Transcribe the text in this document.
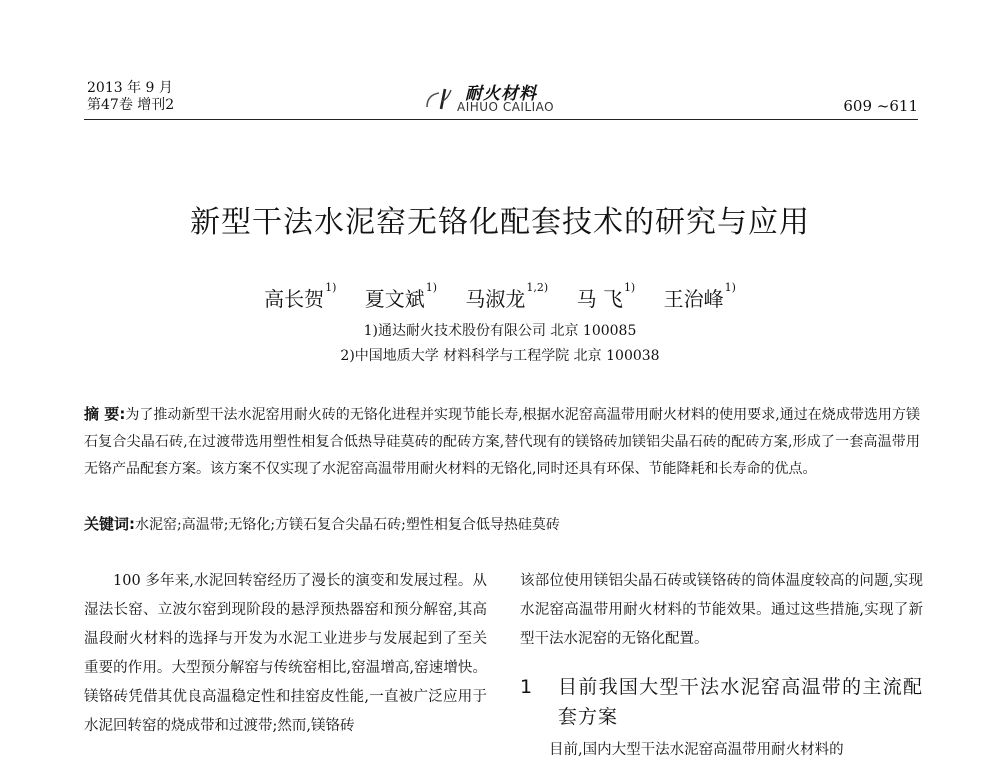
2013 年 9 月
第47卷 增刊2
耐火材料
AIHUO CAILIAO	609 ~611
新型干法水泥窑无铬化配套技术的研究与应用
高长贺$^{1)}$ 夏文斌$^{1)}$ 马淑龙$^{1,2)}$ 马 飞$^{1)}$ 王治峰$^{1)}$
1)通达耐火技术股份有限公司 北京 100085
2)中国地质大学 材料科学与工程学院 北京 100038
摘 要:为了推动新型干法水泥窑用耐火砖的无铬化进程并实现节能长寿,根据水泥窑高温带用耐火材料的使用要求,通过在烧成带选用方镁石复合尖晶石砖,在过渡带选用塑性相复合低热导硅莫砖的配砖方案,替代现有的镁铬砖加镁铝尖晶石砖的配砖方案,形成了一套高温带用无铬产品配套方案。该方案不仅实现了水泥窑高温带用耐火材料的无铬化,同时还具有环保、节能降耗和长寿命的优点。
关键词:水泥窑;高温带;无铬化;方镁石复合尖晶石砖;塑性相复合低导热硅莫砖
100 多年来,水泥回转窑经历了漫长的演变和发展过程。从湿法长窑、立波尔窑到现阶段的悬浮预热器窑和预分解窑,其高温段耐火材料的选择与开发为水泥工业进步与发展起到了至关重要的作用。大型预分解窑与传统窑相比,窑温增高,窑速增快。镁铬砖凭借其优良高温稳定性和挂窑皮性能,一直被广泛应用于水泥回转窑的烧成带和过渡带;然而,镁铬砖
该部位使用镁铝尖晶石砖或镁铬砖的筒体温度较高的问题,实现水泥窑高温带用耐火材料的节能效果。通过这些措施,实现了新型干法水泥窑的无铬化配置。
1 目前我国大型干法水泥窑高温带的主流配套方案
目前,国内大型干法水泥窑高温带用耐火材料的
